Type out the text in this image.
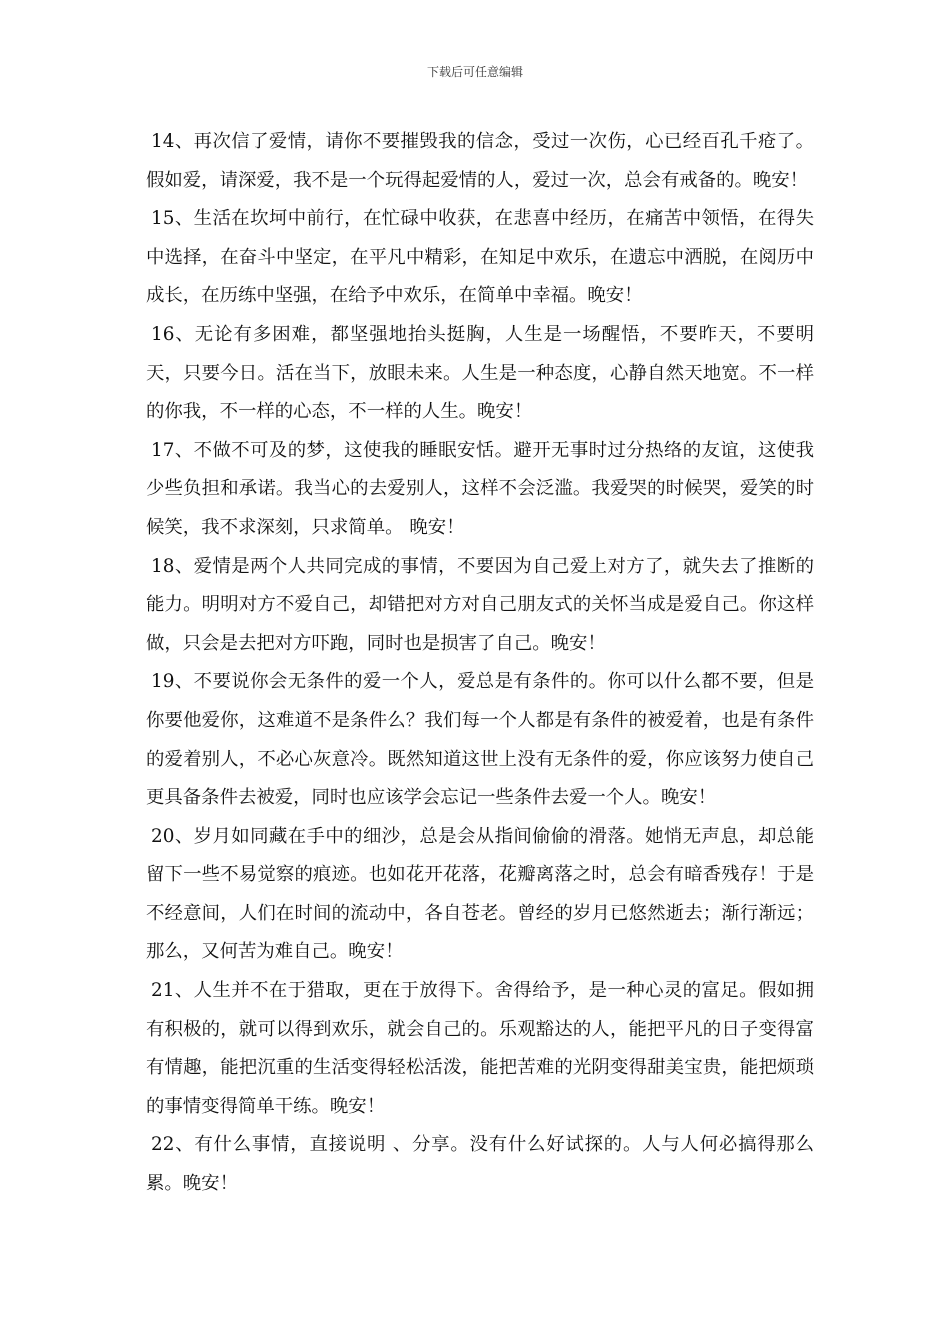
下载后可任意编辑

14、再次信了爱情，请你不要摧毁我的信念，受过一次伤，心已经百孔千疮了。假如爱，请深爱，我不是一个玩得起爱情的人，爱过一次，总会有戒备的。晚安！

15、生活在坎坷中前行，在忙碌中收获，在悲喜中经历，在痛苦中领悟，在得失中选择，在奋斗中坚定，在平凡中精彩，在知足中欢乐，在遗忘中洒脱，在阅历中成长，在历练中坚强，在给予中欢乐，在简单中幸福。晚安！

16、无论有多困难，都坚强地抬头挺胸，人生是一场醒悟，不要昨天，不要明天，只要今日。活在当下，放眼未来。人生是一种态度，心静自然天地宽。不一样的你我，不一样的心态，不一样的人生。晚安！

17、不做不可及的梦，这使我的睡眠安恬。避开无事时过分热络的友谊，这使我少些负担和承诺。我当心的去爱别人，这样不会泛滥。我爱哭的时候哭，爱笑的时候笑，我不求深刻，只求简单。 晚安！

18、爱情是两个人共同完成的事情，不要因为自己爱上对方了，就失去了推断的能力。明明对方不爱自己，却错把对方对自己朋友式的关怀当成是爱自己。你这样做，只会是去把对方吓跑，同时也是损害了自己。晚安！

19、不要说你会无条件的爱一个人，爱总是有条件的。你可以什么都不要，但是你要他爱你，这难道不是条件么？我们每一个人都是有条件的被爱着，也是有条件的爱着别人，不必心灰意冷。既然知道这世上没有无条件的爱，你应该努力使自己更具备条件去被爱，同时也应该学会忘记一些条件去爱一个人。晚安！

20、岁月如同藏在手中的细沙，总是会从指间偷偷的滑落。她悄无声息，却总能留下一些不易觉察的痕迹。也如花开花落，花瓣离落之时，总会有暗香残存！于是不经意间，人们在时间的流动中，各自苍老。曾经的岁月已悠然逝去；渐行渐远；那么，又何苦为难自己。晚安！

21、人生并不在于猎取，更在于放得下。舍得给予，是一种心灵的富足。假如拥有积极的，就可以得到欢乐，就会自己的。乐观豁达的人，能把平凡的日子变得富有情趣，能把沉重的生活变得轻松活泼，能把苦难的光阴变得甜美宝贵，能把烦琐的事情变得简单干练。晚安！

22、有什么事情，直接说明 、分享。没有什么好试探的。人与人何必搞得那么累。晚安！
